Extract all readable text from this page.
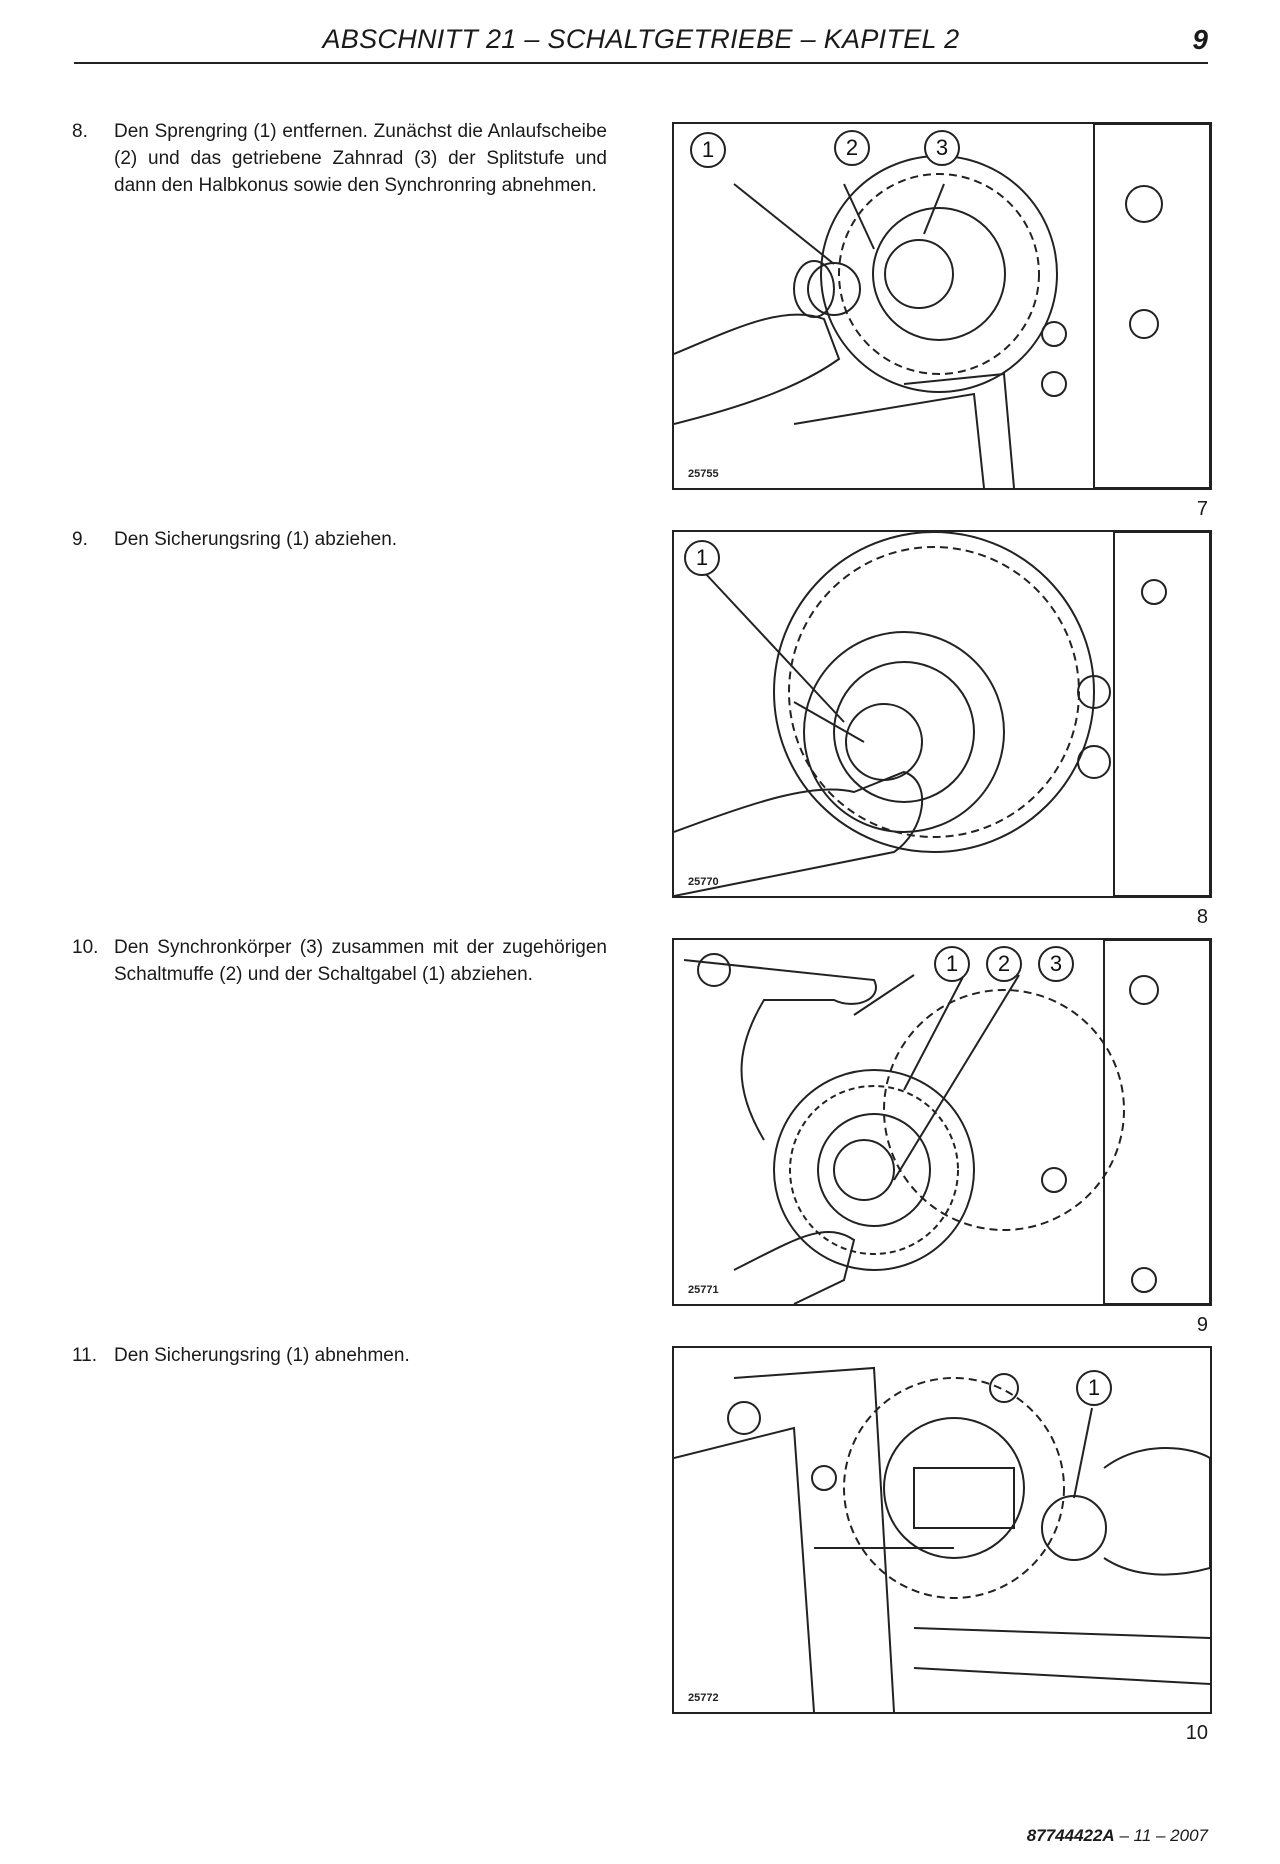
ABSCHNITT 21 – SCHALTGETRIEBE – KAPITEL 2	9
8. Den Sprengring (1) entfernen. Zunächst die Anlaufscheibe (2) und das getriebene Zahnrad (3) der Splitstufe und dann den Halbkonus sowie den Synchronring abnehmen.
1	2	3
25755
7
9. Den Sicherungsring (1) abziehen.
1
25770
8
10. Den Synchronkörper (3) zusammen mit der zugehörigen Schaltmuffe (2) und der Schaltgabel (1) abziehen.	1 2 3
25771
9
11. Den Sicherungsring (1) abnehmen.
1
25772
10
87744422A – 11 – 2007
